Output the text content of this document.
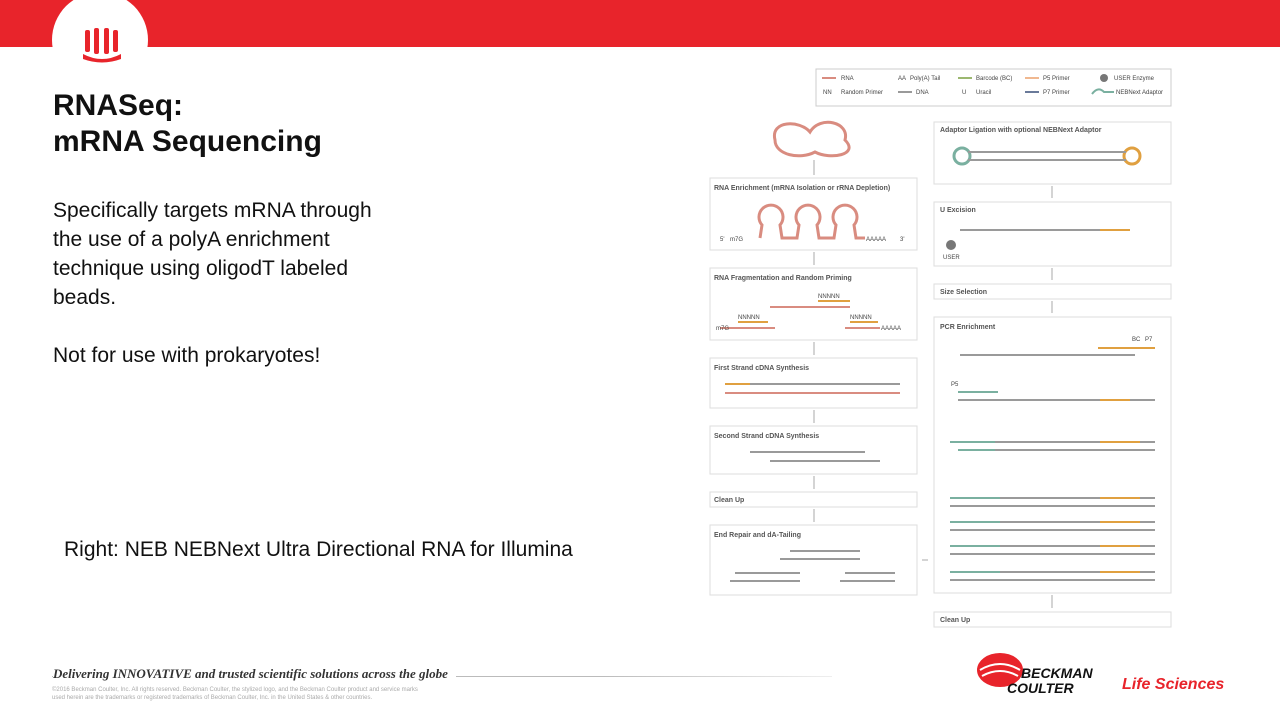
RNASeq:
mRNA Sequencing

Specifically targets mRNA through the use of a polyA enrichment technique using oligodT labeled beads.

Not for use with prokaryotes!

Right: NEB NEBNext Ultra Directional RNA for Illumina
RNA
NN Random Primer
AA Poly(A) Tail
DNA
Barcode (BC)
U Uracil
P5 Primer
P7 Primer
USER Enzyme
NEBNext Adaptor
RNA Enrichment (mRNA Isolation or rRNA Depletion)
5' m7G	AAAAA 3'
RNA Fragmentation and Random Priming
NNNNN
NNNNN
m7G
NNNNN
AAAAA
First Strand cDNA Synthesis
Second Strand cDNA Synthesis
Clean Up
End Repair and dA-Tailing
Adaptor Ligation with optional NEBNext Adaptor
U Excision
USER
Size Selection
PCR Enrichment
BC P7
P5
Clean Up
Delivering INNOVATIVE and trusted scientific solutions across the globe
©2016 Beckman Coulter, Inc. All rights reserved. Beckman Coulter, the stylized logo, and the Beckman Coulter product and service marks used herein are the trademarks or registered trademarks of Beckman Coulter, Inc. in the United States & other countries.
BECKMAN
COULTER	Life Sciences
